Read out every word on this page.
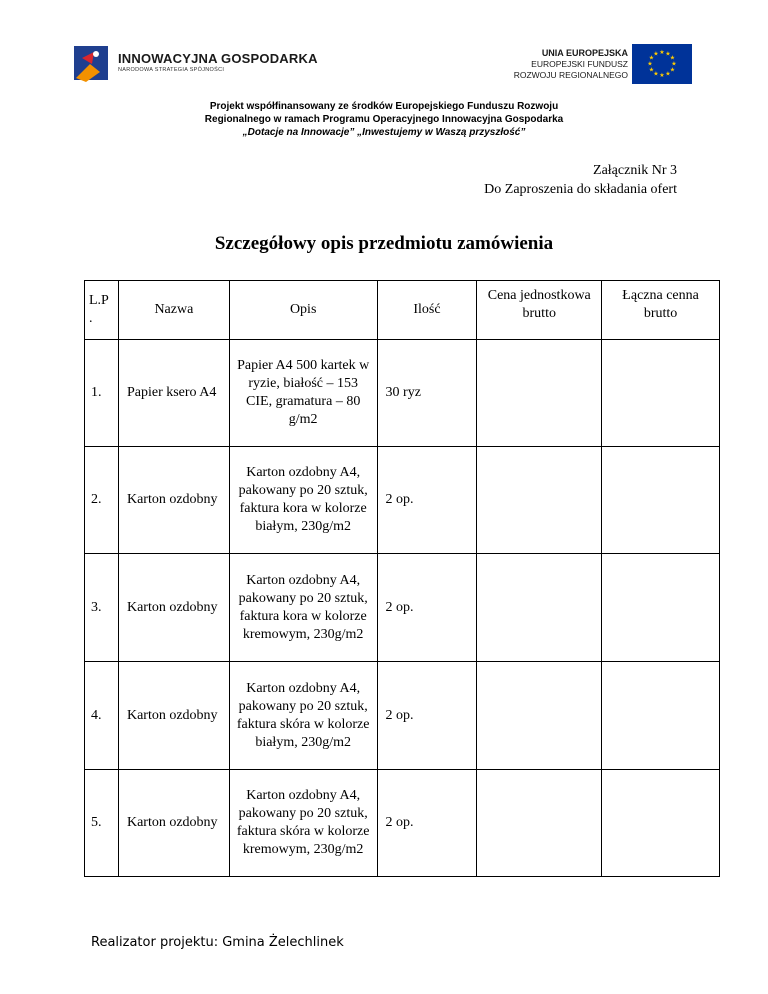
INNOWACYJNA GOSPODARKA
NARODOWA STRATEGIA SPÓJNOŚCI
UNIA EUROPEJSKA
EUROPEJSKI FUNDUSZ
ROZWOJU REGIONALNEGO
★ ★
★
★
★
★
★
★
★
★
★
★
Projekt współfinansowany ze środków Europejskiego Funduszu Rozwoju
Regionalnego w ramach Programu Operacyjnego Innowacyjna Gospodarka
„Dotacje na Innowacje” „Inwestujemy w Waszą przyszłość”
Załącznik Nr 3
Do Zaproszenia do składania ofert
Szczegółowy opis przedmiotu zamówienia
L.P .	Nazwa	Opis	Ilość	Cena jednostkowa brutto	Łączna cenna brutto
1.	Papier ksero A4	Papier A4 500 kartek w ryzie, białość – 153 CIE, gramatura – 80 g/m2	30 ryz		
2.	Karton ozdobny	Karton ozdobny A4, pakowany po 20 sztuk, faktura kora w kolorze białym, 230g/m2	2 op.		
3.	Karton ozdobny	Karton ozdobny A4, pakowany po 20 sztuk, faktura kora w kolorze kremowym, 230g/m2	2 op.		
4.	Karton ozdobny	Karton ozdobny A4, pakowany po 20 sztuk, faktura skóra w kolorze białym, 230g/m2	2 op.		
5.	Karton ozdobny	Karton ozdobny A4, pakowany po 20 sztuk, faktura skóra w kolorze kremowym, 230g/m2	2 op.		
Realizator projektu: Gmina Żelechlinek
